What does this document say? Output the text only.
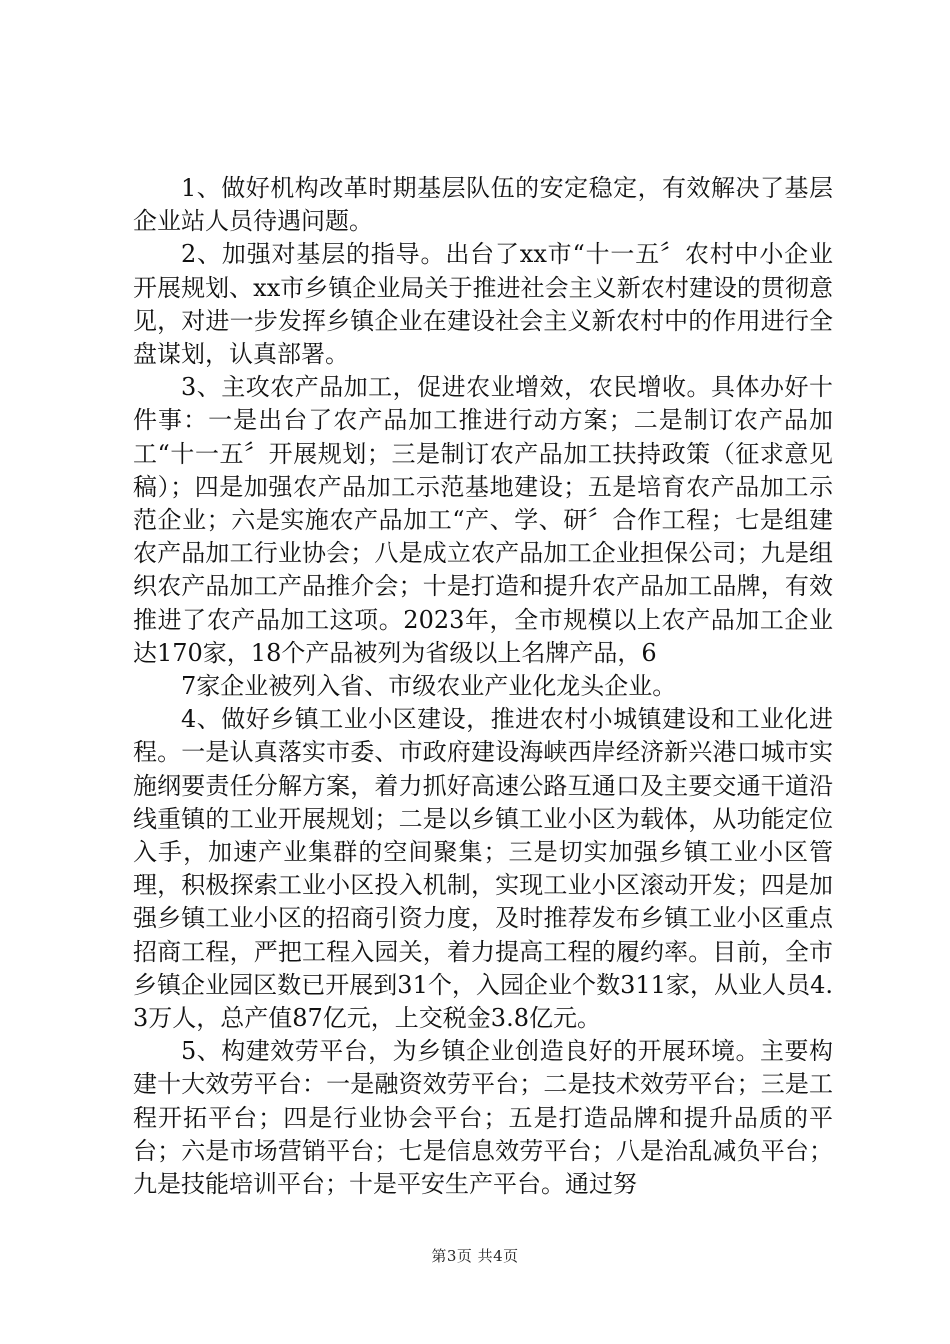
1、做好机构改革时期基层队伍的安定稳定，有效解决了基层企业站人员待遇问题。

2、加强对基层的指导。出台了xx市“十一五〞农村中小企业开展规划、xx市乡镇企业局关于推进社会主义新农村建设的贯彻意见，对进一步发挥乡镇企业在建设社会主义新农村中的作用进行全盘谋划，认真部署。

3、主攻农产品加工，促进农业增效，农民增收。具体办好十件事：一是出台了农产品加工推进行动方案；二是制订农产品加工“十一五〞开展规划；三是制订农产品加工扶持政策（征求意见稿）；四是加强农产品加工示范基地建设；五是培育农产品加工示范企业；六是实施农产品加工“产、学、研〞合作工程；七是组建农产品加工行业协会；八是成立农产品加工企业担保公司；九是组织农产品加工产品推介会；十是打造和提升农产品加工品牌，有效推进了农产品加工这项。2023年，全市规模以上农产品加工企业达170家，18个产品被列为省级以上名牌产品，6

7家企业被列入省、市级农业产业化龙头企业。

4、做好乡镇工业小区建设，推进农村小城镇建设和工业化进程。一是认真落实市委、市政府建设海峡西岸经济新兴港口城市实施纲要责任分解方案，着力抓好高速公路互通口及主要交通干道沿线重镇的工业开展规划；二是以乡镇工业小区为载体，从功能定位入手，加速产业集群的空间聚集；三是切实加强乡镇工业小区管理，积极探索工业小区投入机制，实现工业小区滚动开发；四是加强乡镇工业小区的招商引资力度，及时推荐发布乡镇工业小区重点招商工程，严把工程入园关，着力提高工程的履约率。目前，全市乡镇企业园区数已开展到31个，入园企业个数311家，从业人员4.3万人，总产值87亿元，上交税金3.8亿元。

5、构建效劳平台，为乡镇企业创造良好的开展环境。主要构建十大效劳平台：一是融资效劳平台；二是技术效劳平台；三是工程开拓平台；四是行业协会平台；五是打造品牌和提升品质的平台；六是市场营销平台；七是信息效劳平台；八是治乱减负平台；九是技能培训平台；十是平安生产平台。通过努

第3页 共4页
